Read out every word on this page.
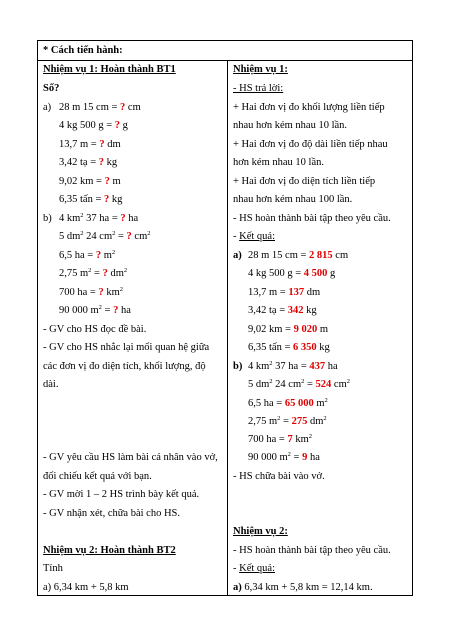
* Cách tiến hành:
Nhiệm vụ 1: Hoàn thành BT1
Số?
a) 28 m 15 cm = ? cm
4 kg 500 g = ? g
13,7 m = ? dm
3,42 tạ = ? kg
9,02 km = ? m
6,35 tấn = ? kg
b) 4 $km^2$ 37 ha = ? ha
5 $dm^2$ 24 $cm^2$ = ? $cm^2$
6,5 ha = ? $m^2$
2,75 $m^2$ = ? $dm^2$
700 ha = ? $km^2$
90 000 $m^2$ = ? ha
- GV cho HS đọc đề bài.
- GV cho HS nhắc lại mối quan hệ giữa
các đơn vị đo diện tích, khối lượng, độ
dài.
- GV yêu cầu HS làm bài cá nhân vào vở,
đối chiếu kết quả với bạn.
- GV mời 1 – 2 HS trình bày kết quả.
- GV nhận xét, chữa bài cho HS.
Nhiệm vụ 2: Hoàn thành BT2
Tính
a) 6,34 km + 5,8 km
Nhiệm vụ 1:
- HS trả lời:
+ Hai đơn vị đo khối lượng liền tiếp
nhau hơn kém nhau 10 lần.
+ Hai đơn vị đo độ dài liền tiếp nhau
hơn kém nhau 10 lần.
+ Hai đơn vị đo diện tích liền tiếp
nhau hơn kém nhau 100 lần.
- HS hoàn thành bài tập theo yêu cầu.
- Kết quả:
a) 28 m 15 cm = 2 815 cm
4 kg 500 g = 4 500 g
13,7 m = 137 dm
3,42 tạ = 342 kg
9,02 km = 9 020 m
6,35 tấn = 6 350 kg
b) 4 $km^2$ 37 ha = 437 ha
5 $dm^2$ 24 $cm^2 = 524$ $cm^2$
6,5 ha = 65 000 $m^2$
2,75 $m^2 = 275$ $dm^2$
700 ha = 7 $km^2$
90 000 $m^2 = 9$ ha
- HS chữa bài vào vở.
Nhiệm vụ 2:
- HS hoàn thành bài tập theo yêu cầu.
- Kết quả:
a) 6,34 km + 5,8 km = 12,14 km.
